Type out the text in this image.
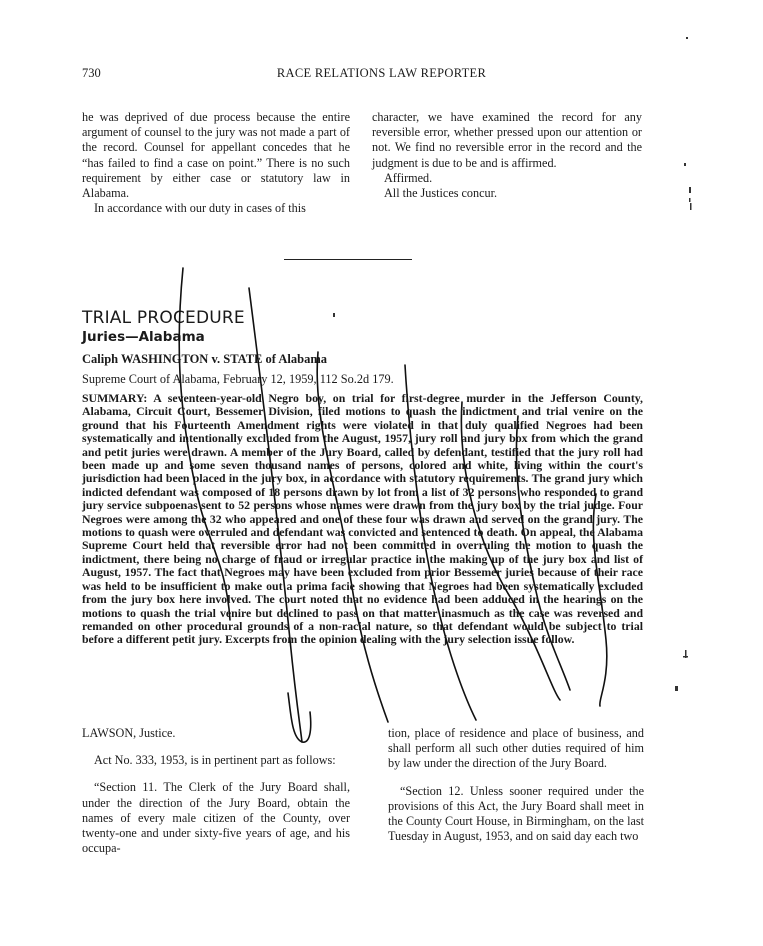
730	RACE RELATIONS LAW REPORTER

he was deprived of due process because the entire argument of counsel to the jury was not made a part of the record. Counsel for appellant concedes that he “has failed to find a case on point.” There is no such requirement by either case or statutory law in Alabama.

In accordance with our duty in cases of this

character, we have examined the record for any reversible error, whether pressed upon our attention or not. We find no reversible error in the record and the judgment is due to be and is affirmed.

Affirmed.

All the Justices concur.

TRIAL PROCEDURE
Juries—Alabama
Caliph WASHINGTON v. STATE of Alabama
Supreme Court of Alabama, February 12, 1959, 112 So.2d 179.

SUMMARY: A seventeen-year-old Negro boy, on trial for first-degree murder in the Jefferson County, Alabama, Circuit Court, Bessemer Division, filed motions to quash the indictment and trial venire on the ground that his Fourteenth Amendment rights were violated in that duly qualified Negroes had been systematically and intentionally excluded from the August, 1957, jury roll and jury box from which the grand and petit juries were drawn. A member of the Jury Board, called by defendant, testified that the jury roll had been made up and some seven thousand names of persons, colored and white, living within the court's jurisdiction had been placed in the jury box, in accordance with statutory requirements. The grand jury which indicted defendant was composed of 18 persons drawn by lot from a list of 32 persons who responded to grand jury service subpoenas sent to 52 persons whose names were drawn from the jury box by the trial judge. Four Negroes were among the 32 who appeared and one of these four was drawn and served on the grand jury. The motions to quash were overruled and defendant was convicted and sentenced to death. On appeal, the Alabama Supreme Court held that reversible error had not been committed in overruling the motion to quash the indictment, there being no charge of fraud or irregular practice in the making up of the jury box and list of August, 1957. The fact that Negroes may have been excluded from prior Bessemer juries because of their race was held to be insufficient to make out a prima facie showing that Negroes had been systematically excluded from the jury box here involved. The court noted that no evidence had been adduced in the hearings on the motions to quash the trial venire but declined to pass on that matter inasmuch as the case was reversed and remanded on other procedural grounds of a non-racial nature, so that defendant would be subject to trial before a different petit jury. Excerpts from the opinion dealing with the jury selection issue follow.

LAWSON, Justice.

Act No. 333, 1953, is in pertinent part as follows:

“Section 11. The Clerk of the Jury Board shall, under the direction of the Jury Board, obtain the names of every male citizen of the County, over twenty-one and under sixty-five years of age, and his occupa-

tion, place of residence and place of business, and shall perform all such other duties required of him by law under the direction of the Jury Board.

“Section 12. Unless sooner required under the provisions of this Act, the Jury Board shall meet in the County Court House, in Birmingham, on the last Tuesday in August, 1953, and on said day each two
